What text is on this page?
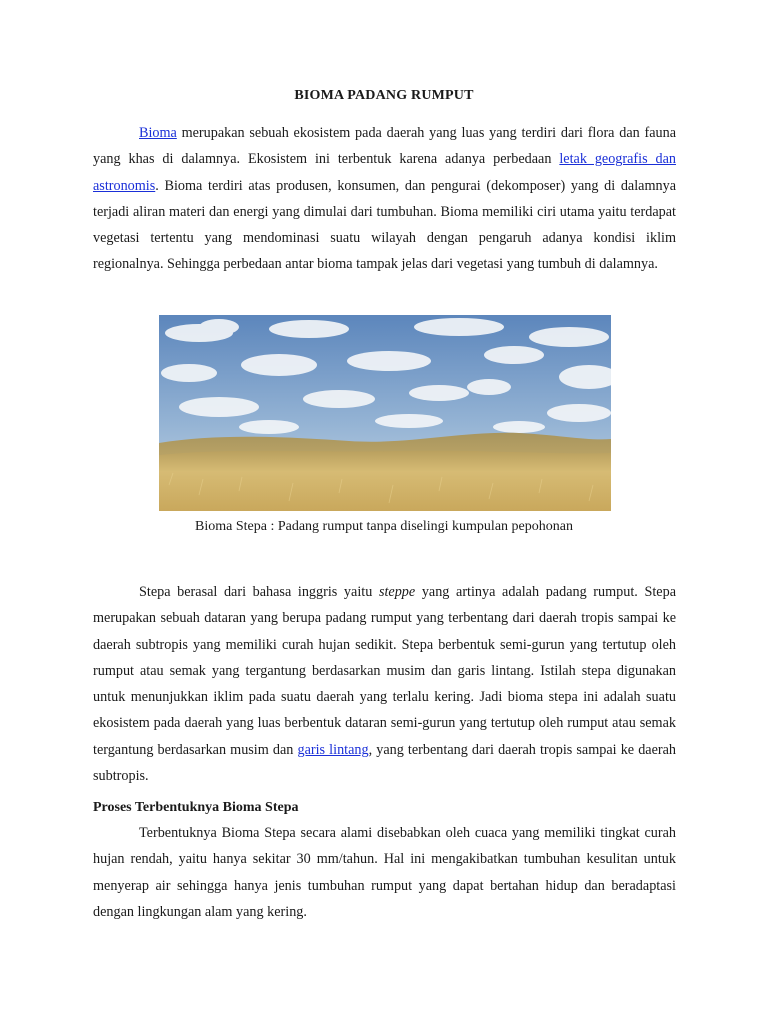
BIOMA PADANG RUMPUT

Bioma merupakan sebuah ekosistem pada daerah yang luas yang terdiri dari flora dan fauna yang khas di dalamnya. Ekosistem ini terbentuk karena adanya perbedaan letak geografis dan astronomis. Bioma terdiri atas produsen, konsumen, dan pengurai (dekomposer) yang di dalamnya terjadi aliran materi dan energi yang dimulai dari tumbuhan. Bioma memiliki ciri utama yaitu terdapat vegetasi tertentu yang mendominasi suatu wilayah dengan pengaruh adanya kondisi iklim regionalnya. Sehingga perbedaan antar bioma tampak jelas dari vegetasi yang tumbuh di dalamnya.

Bioma Stepa : Padang rumput tanpa diselingi kumpulan pepohonan

Stepa berasal dari bahasa inggris yaitu steppe yang artinya adalah padang rumput. Stepa merupakan sebuah dataran yang berupa padang rumput yang terbentang dari daerah tropis sampai ke daerah subtropis yang memiliki curah hujan sedikit. Stepa berbentuk semi-gurun yang tertutup oleh rumput atau semak yang tergantung berdasarkan musim dan garis lintang. Istilah stepa digunakan untuk menunjukkan iklim pada suatu daerah yang terlalu kering. Jadi bioma stepa ini adalah suatu ekosistem pada daerah yang luas berbentuk dataran semi-gurun yang tertutup oleh rumput atau semak tergantung berdasarkan musim dan garis lintang, yang terbentang dari daerah tropis sampai ke daerah subtropis.

Proses Terbentuknya Bioma Stepa

Terbentuknya Bioma Stepa secara alami disebabkan oleh cuaca yang memiliki tingkat curah hujan rendah, yaitu hanya sekitar 30 mm/tahun. Hal ini mengakibatkan tumbuhan kesulitan untuk menyerap air sehingga hanya jenis tumbuhan rumput yang dapat bertahan hidup dan beradaptasi dengan lingkungan alam yang kering.
